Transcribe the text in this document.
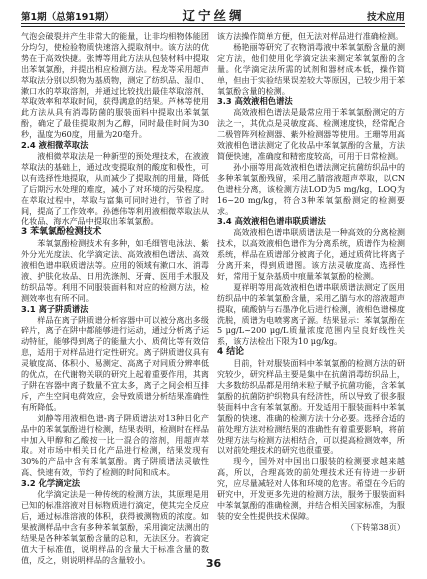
第1期（总第191期）	辽宁丝绸	技术应用

气泡会破裂并产生非常大的能量，让非均相物体能团分均匀，使检验物质快速溶入提取剂中。该方法的优势在于高效快捷。张博等用此方法从包装材料中提取出苯氧氯酚，并提出相应检测方法。程龙等采用超声萃取法分别以织物为基质物，测定了纺织品、湿巾、漱口水的萃取溶剂，并通过比较找出最佳萃取溶剂、萃取效率和萃取时间，获得满意的结果。芦林等使用此方法从具有消毒防菌的服装面料中提取出苯氧氯酚，确定了最佳提取剂为乙醇，同时最佳时间为30秒，温度为60度，用量为20毫升。

2.4 液相微萃取法

液相微萃取法是一种新型的预处理技术，在液液萃取法的基础上，通过改变提取剂的酸度和极性，可以有选择性地提取，从而减少了提取剂的用量，降低了后期污水处理的难度，减小了对环境的污染程度。在萃取过程中，萃取与富集可同时进行，节省了时间，提高了工作效率。孙德伟等利用液相微萃取法从化妆品、海水产品中提取出苯氧氯酚。

3 苯氧氯酚检测技术

苯氧氯酚检测技术有多种，如毛细管电泳法、紫外分光光度法、化学滴定法、高效液相色谱法、高效液相色谱串联质谱法等。应用的领域有漱口水、消毒液、护肤化妆品、日用洗涤剂、牙膏、医用手术服及纺织品等。利用不同服装面料和对应的检测方法，检测效率也有所不同。

3.1 离子阱质谱法

样品在离子阱质谱分析容器中可以被分离出多级碎片，离子在阱中都能够进行运动，通过分析离子运动特征，能够得到离子的能量大小、质荷比等有效信息，适用于对样品进行定性研究。离子阱质谱仪具有灵敏度高、体积小、易测定、高离子对同质分辨率低的优点，在代谢物关联的研究上起着重要作用，其离子阱在容器中离子数量不宜太多，离子之间会相互排斥，产生空间电荷效应，会导致质谱分析结果准确性有所降低。

刘静等用液相色谱-离子阱质谱法对13种日化产品中的苯氧氯酚进行检测，结果表明，检测时在样品中加入甲醇和乙酸按一比一混合的溶剂，用超声萃取。对市场中相关日化产品进行检测，结果发现有30%的产品中含有苯氧氯酚。离子阱质谱法灵敏性高、快速有效，节约了检测的时间和成本。

3.2 化学滴定法

化学滴定法是一种传统的检测方法，其原理是用已知的标准溶液对目标物质进行滴定，使其完全反应后，通过标准溶液的体积，获得被测物质的浓度。如果被测样品中含有多种苯氧氯酚，采用滴定法测出的结果是各种苯氧氯酚含量的总和，无法区分。若滴定值大于标准值，说明样品的含量大于标准含量的数值，反之，则说明样品的含量较小。

该方法操作简单方便，但无法对样品进行准确检测。

杨艳丽等研究了衣物消毒液中苯氧氯酚含量的测定方法，他们使用化学滴定法来测定苯氧氯酚的含量。化学滴定法所需的试剂和器材成本低，操作简单，但由于实验结果误差较大等原因，已较少用于苯氧氯酚含量的检测。

3.3 高效液相色谱法

高效液相色谱法是最常应用于苯氧氯酚测定的方法之一，其优点是灵敏度高、检测速度快，经常配合二极管阵列检测器、紫外检测器等使用。王珊等用高效液相色谱法测定了化妆品中苯氧氯酚的含量，方法简便快速，准确度和精密度较高，可用于日常检测。

孙小丽等用高效液相色谱法测定抗菌纺织品中的多种苯氧氯酚残留，采用乙腈溶液超声萃取，以CN色谱柱分离，该检测方法LOD为5 mg/kg，LOQ为16~20 mg/kg，符合3种苯氧氯酚测定的检测要求。

3.4 高效液相色谱串联质谱法

高效液相色谱串联质谱法是一种高效的分离检测技术，以高效液相色谱作为分离系统，质谱作为检测系统，样品在质谱部分被离子化，通过质荷比将离子分离开来，得到质谱图。该方法灵敏度高、选择性好，常用于复杂基质中痕量苯氧氯酚的检测。

夏祥明等用高效液相色谱串联质谱法测定了医用纺织品中的苯氧氯酚含量，采用乙腈与水的溶液超声提取，硫酸钠与石墨净化后进行检测，液相色谱梯度洗脱，质谱为电喷雾离子源。结果显示：苯氧氯酚在5 μg/L~200 μg/L质量浓度范围内呈良好线性关系，该方法检出下限为10 μg/kg。

4 结论

目前，针对服装面料中苯氧氯酚的检测方法的研究较少，研究样品主要是集中在抗菌消毒纺织品上，大多数纺织品都是用纳米粒子赋予抗菌功能，含苯氧氯酚的抗菌防护织物具有经济性，所以导致了很多服装面料中含有苯氧氯酚。开发适用于服装面料中苯氧氯酚的快速、准确的检测方法十分必要。选择合适的前处理方法对检测结果的准确性有着重要影响，将前处理方法与检测方法相结合，可以提高检测效率，所以对前处理技术的研究也很重要。

现今，国外对中国出口服装的检测要求越来越高，所以，合理高效的前处理技术还有待进一步研究，应尽量减轻对人体和环境的危害。希望在今后的研究中，开发更多先进的检测方法，服务于服装面料中苯氧氯酚的准确检测，并结合相关国家标准，为服装的安全性提供技术保障。

（下转第38页）

36
